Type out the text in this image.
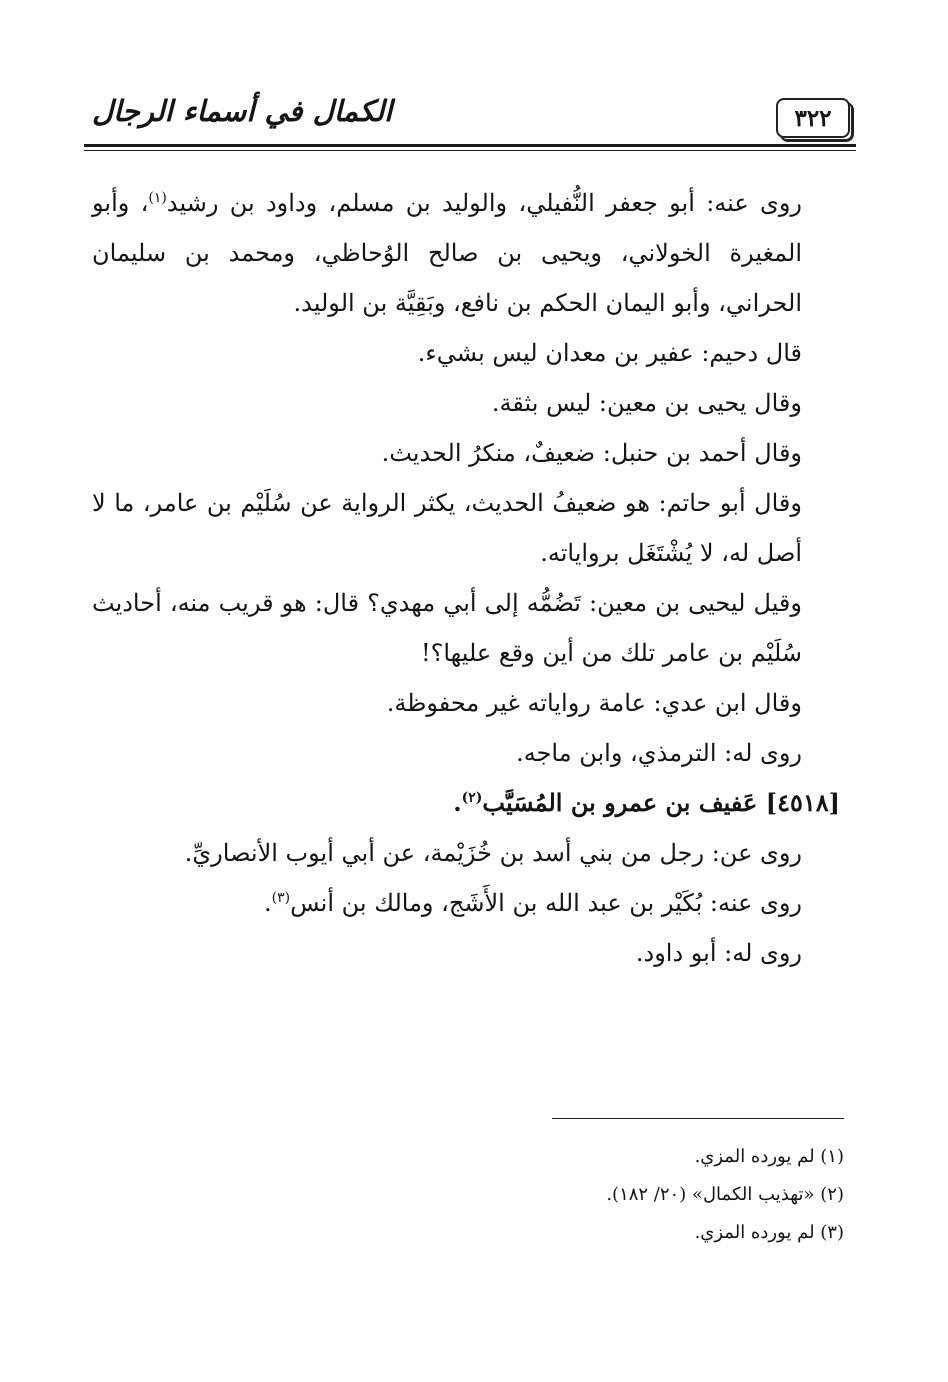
٣٢٢
الكمال في أسماء الرجال

روى عنه: أبو جعفر النُّفيلي، والوليد بن مسلم، وداود بن رشيد$^{(١)}$، وأبو المغيرة الخولاني، ويحيى بن صالح الوُحاظي، ومحمد بن سليمان الحراني، وأبو اليمان الحكم بن نافع، وبَقِيَّة بن الوليد.

قال دحيم: عفير بن معدان ليس بشيء.

وقال يحيى بن معين: ليس بثقة.

وقال أحمد بن حنبل: ضعيفٌ، منكرُ الحديث.

وقال أبو حاتم: هو ضعيفُ الحديث، يكثر الرواية عن سُلَيْم بن عامر، ما لا أصل له، لا يُشْتَغَل برواياته.

وقيل ليحيى بن معين: تَضُمُّه إلى أبي مهدي؟ قال: هو قريب منه، أحاديث سُلَيْم بن عامر تلك من أين وقع عليها؟!

وقال ابن عدي: عامة رواياته غير محفوظة.

روى له: الترمذي، وابن ماجه.

[٤٥١٨] عَفيف بن عمرو بن المُسَيَّب$^{(٢)}$.

روى عن: رجل من بني أسد بن خُزَيْمة، عن أبي أيوب الأنصاريِّ.

روى عنه: بُكَيْر بن عبد الله بن الأَشَج، ومالك بن أنس$^{(٣)}$.

روى له: أبو داود.

(١) لم يورده المزي.

(٢) «تهذيب الكمال» (٢٠/ ١٨٢).

(٣) لم يورده المزي.
